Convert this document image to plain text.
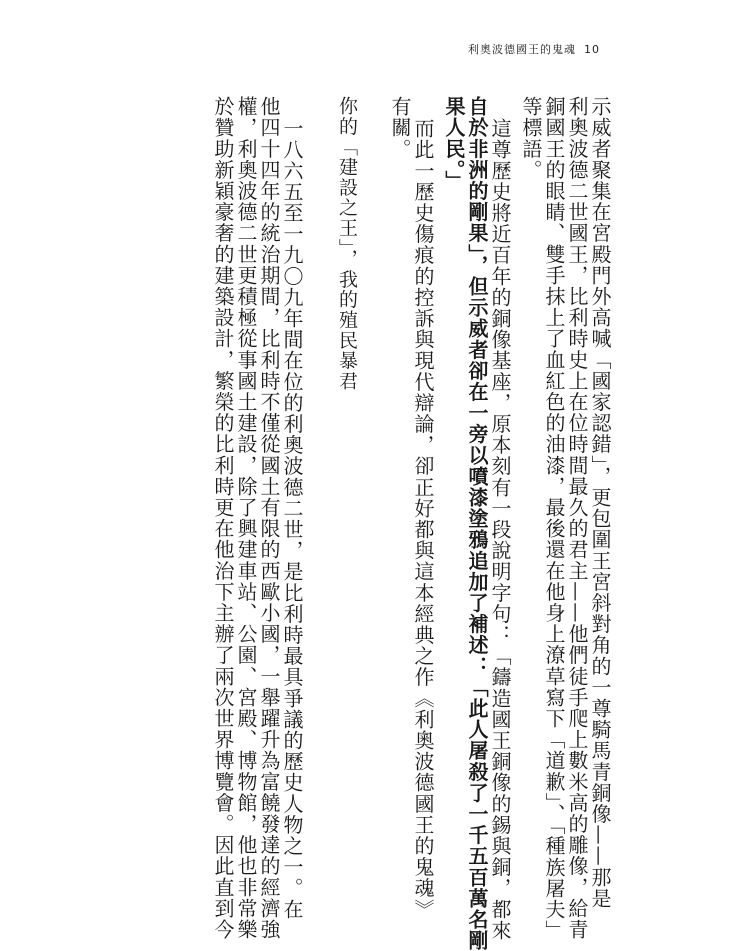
利奧波德國王的鬼魂 10
示威者聚集在宮殿門外高喊「國家認錯」，更包圍王宮斜對角的一尊騎馬青銅像——那是
利奧波德二世國王，比利時史上在位時間最久的君主——他們徒手爬上數米高的雕像，給青
銅國王的眼睛、雙手抹上了血紅色的油漆，最後還在他身上潦草寫下「道歉」、「種族屠夫」
等標語。
這尊歷史將近百年的銅像基座，原本刻有一段說明字句：「鑄造國王銅像的錫與銅，都來
自於非洲的剛果」，但示威者卻在一旁以噴漆塗鴉追加了補述：「此人屠殺了一千五百萬名剛
果人民。」
而此一歷史傷痕的控訴與現代辯論，卻正好都與這本經典之作《利奧波德國王的鬼魂》
有關。
你的「建設之王」，我的殖民暴君
一八六五至一九〇九年間在位的利奧波德二世，是比利時最具爭議的歷史人物之一。在
他四十四年的統治期間，比利時不僅從國土有限的西歐小國，一舉躍升為富饒發達的經濟強
權，利奧波德二世更積極從事國土建設，除了興建車站、公園、宮殿、博物館，他也非常樂
於贊助新穎豪奢的建築設計，繁榮的比利時更在他治下主辦了兩次世界博覽會。因此直到今
